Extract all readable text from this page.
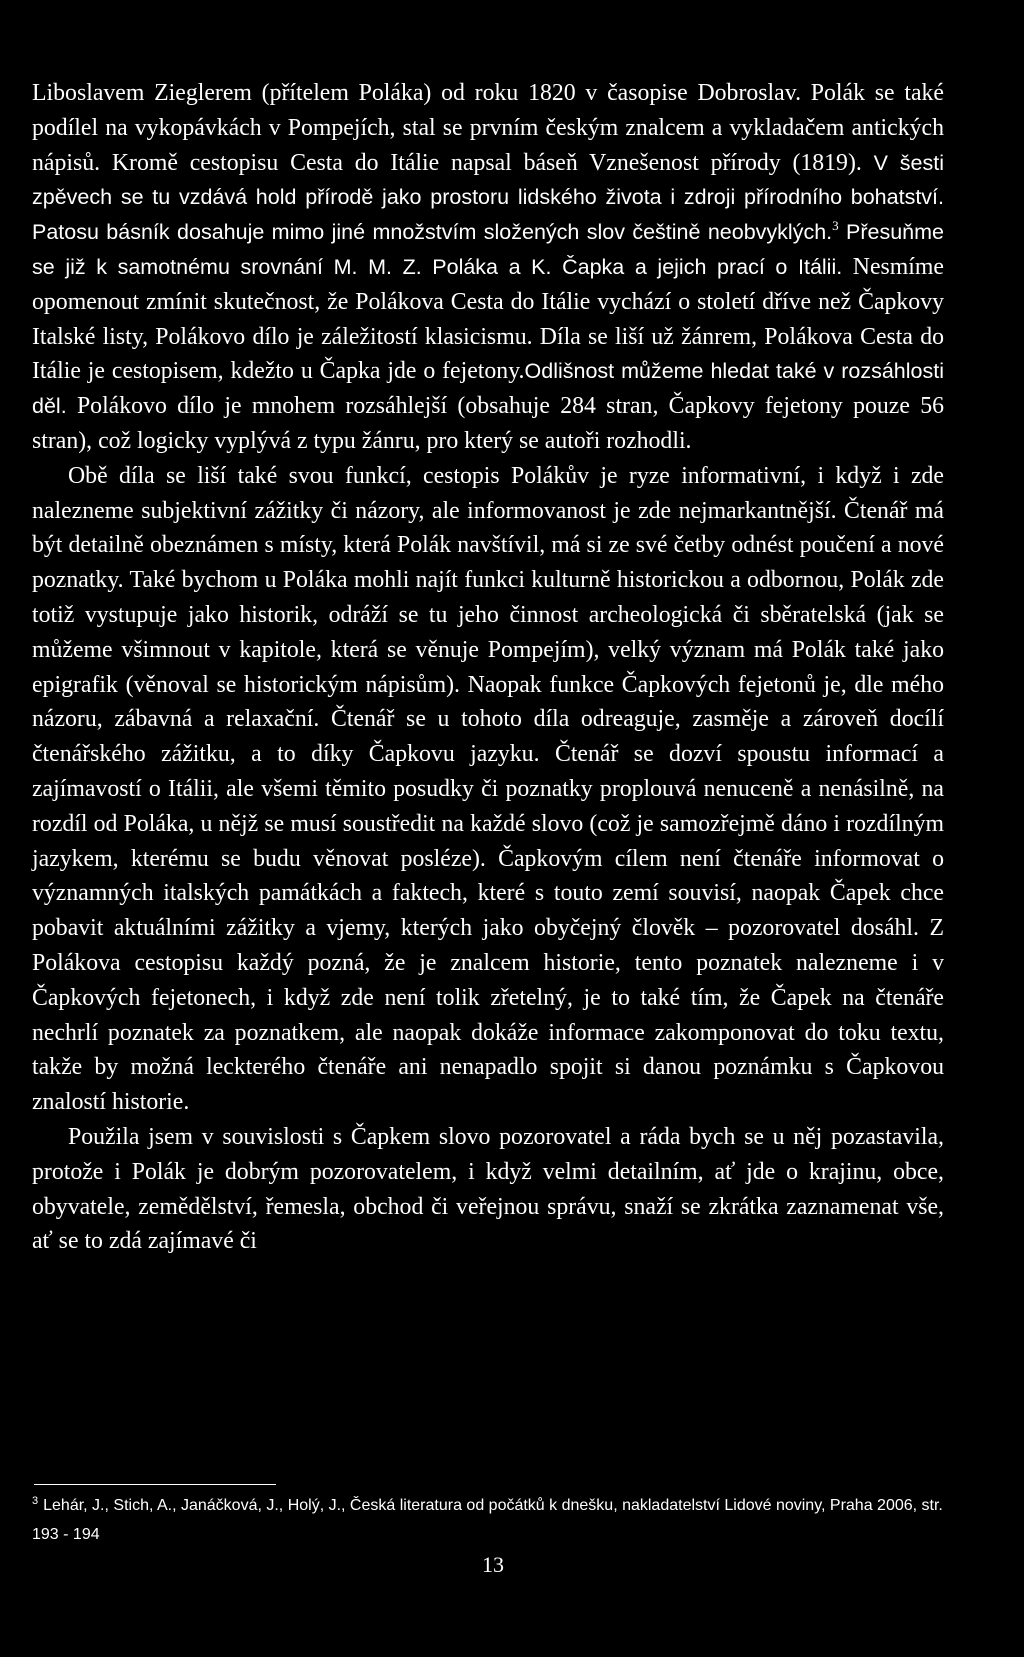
Liboslavem Zieglerem (přítelem Poláka) od roku 1820 v časopise Dobroslav. Polák se také podílel na vykopávkách v Pompejích, stal se prvním českým znalcem a vykladačem antických nápisů. Kromě cestopisu Cesta do Itálie napsal báseň Vznešenost přírody (1819). V šesti zpěvech se tu vzdává hold přírodě jako prostoru lidského života i zdroji přírodního bohatství. Patosu básník dosahuje mimo jiné množstvím složených slov češtině neobvyklých.$^3$ Přesuňme se již k samotnému srovnání M. M. Z. Poláka a K. Čapka a jejich prací o Itálii. Nesmíme opomenout zmínit skutečnost, že Polákova Cesta do Itálie vychází o století dříve než Čapkovy Italské listy, Polákovo dílo je záležitostí klasicismu. Díla se liší už žánrem, Polákova Cesta do Itálie je cestopisem, kdežto u Čapka jde o fejetony.Odlišnost můžeme hledat také v rozsáhlosti děl. Polákovo dílo je mnohem rozsáhlejší (obsahuje 284 stran, Čapkovy fejetony pouze 56 stran), což logicky vyplývá z typu žánru, pro který se autoři rozhodli.

Obě díla se liší také svou funkcí, cestopis Polákův je ryze informativní, i když i zde nalezneme subjektivní zážitky či názory, ale informovanost je zde nejmarkantnější. Čtenář má být detailně obeznámen s místy, která Polák navštívil, má si ze své četby odnést poučení a nové poznatky. Také bychom u Poláka mohli najít funkci kulturně historickou a odbornou, Polák zde totiž vystupuje jako historik, odráží se tu jeho činnost archeologická či sběratelská (jak se můžeme všimnout v kapitole, která se věnuje Pompejím), velký význam má Polák také jako epigrafik (věnoval se historickým nápisům). Naopak funkce Čapkových fejetonů je, dle mého názoru, zábavná a relaxační. Čtenář se u tohoto díla odreaguje, zasměje a zároveň docílí čtenářského zážitku, a to díky Čapkovu jazyku. Čtenář se dozví spoustu informací a zajímavostí o Itálii, ale všemi těmito posudky či poznatky proplouvá nenuceně a nenásilně, na rozdíl od Poláka, u nějž se musí soustředit na každé slovo (což je samozřejmě dáno i rozdílným jazykem, kterému se budu věnovat posléze). Čapkovým cílem není čtenáře informovat o významných italských památkách a faktech, které s touto zemí souvisí, naopak Čapek chce pobavit aktuálními zážitky a vjemy, kterých jako obyčejný člověk – pozorovatel dosáhl. Z Polákova cestopisu každý pozná, že je znalcem historie, tento poznatek nalezneme i v Čapkových fejetonech, i když zde není tolik zřetelný, je to také tím, že Čapek na čtenáře nechrlí poznatek za poznatkem, ale naopak dokáže informace zakomponovat do toku textu, takže by možná leckterého čtenáře ani nenapadlo spojit si danou poznámku s Čapkovou znalostí historie.

Použila jsem v souvislosti s Čapkem slovo pozorovatel a ráda bych se u něj pozastavila, protože i Polák je dobrým pozorovatelem, i když velmi detailním, ať jde o krajinu, obce, obyvatele, zemědělství, řemesla, obchod či veřejnou správu, snaží se zkrátka zaznamenat vše, ať se to zdá zajímavé či

$^3$ Lehár, J., Stich, A., Janáčková, J., Holý, J., Česká literatura od počátků k dnešku, nakladatelství Lidové noviny, Praha 2006, str. 193 - 194
13
